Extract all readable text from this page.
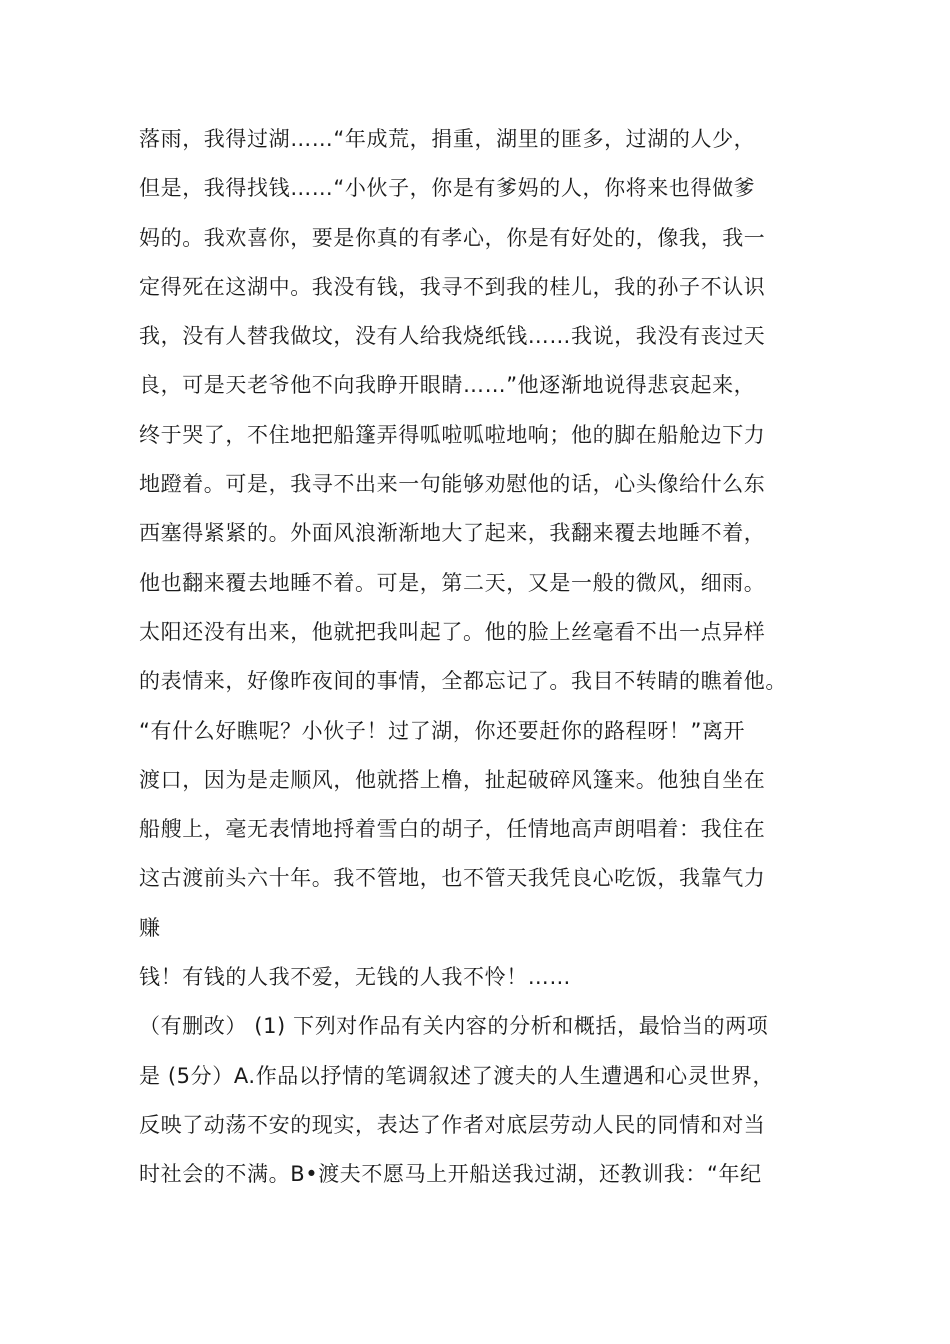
落雨，我得过湖……“年成荒，捐重，湖里的匪多，过湖的人少，
但是，我得找钱……“小伙子，你是有爹妈的人，你将来也得做爹
妈的。我欢喜你，要是你真的有孝心，你是有好处的，像我，我一
定得死在这湖中。我没有钱，我寻不到我的桂儿，我的孙子不认识
我，没有人替我做坟，没有人给我烧纸钱……我说，我没有丧过天
良，可是天老爷他不向我睁开眼睛……”他逐渐地说得悲哀起来，
终于哭了，不住地把船篷弄得呱啦呱啦地响；他的脚在船舱边下力
地蹬着。可是，我寻不出来一句能够劝慰他的话，心头像给什么东
西塞得紧紧的。外面风浪渐渐地大了起来，我翻来覆去地睡不着，
他也翻来覆去地睡不着。可是，第二天，又是一般的微风，细雨。
太阳还没有出来，他就把我叫起了。他的脸上丝毫看不出一点异样
的表情来，好像昨夜间的事情，全都忘记了。我目不转睛的瞧着他。
“有什么好瞧呢？小伙子！过了湖，你还要赶你的路程呀！”离开
渡口，因为是走顺风，他就搭上橹，扯起破碎风篷来。他独自坐在
船艘上，毫无表情地捋着雪白的胡子，任情地高声朗唱着：我住在
这古渡前头六十年。我不管地，也不管天我凭良心吃饭，我靠气力
赚
钱！有钱的人我不爱，无钱的人我不怜！……
（有删改） (1) 下列对作品有关内容的分析和概括，最恰当的两项
是 (5分）A.作品以抒情的笔调叙述了渡夫的人生遭遇和心灵世界，
反映了动荡不安的现实，表达了作者对底层劳动人民的同情和对当
时社会的不满。B•渡夫不愿马上开船送我过湖，还教训我：“年纪
